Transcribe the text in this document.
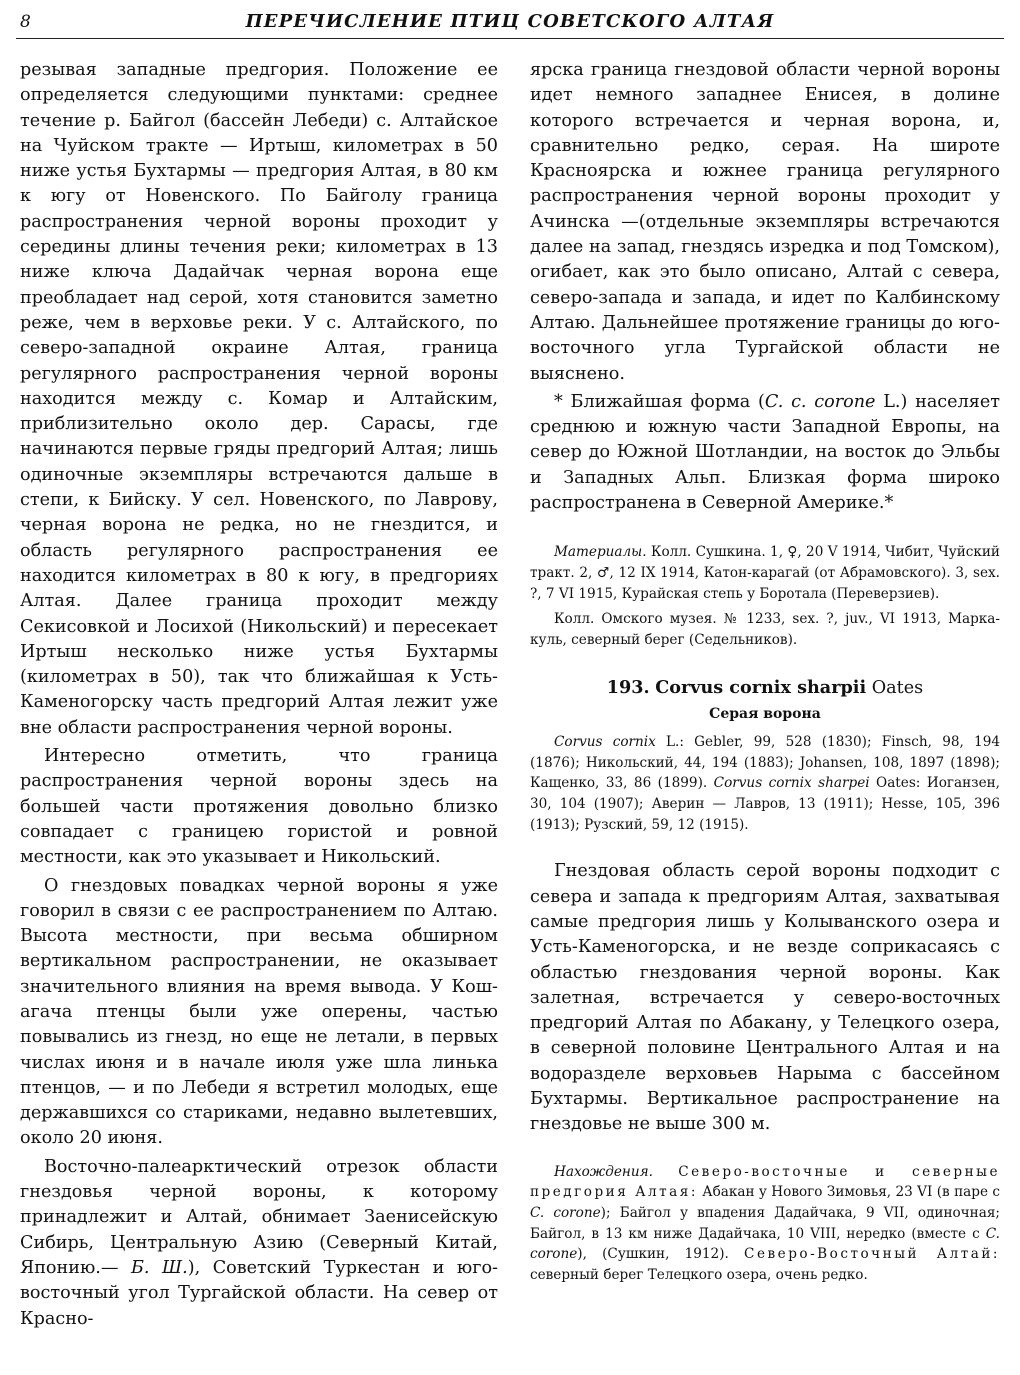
8	ПЕРЕЧИСЛЕНИЕ ПТИЦ СОВЕТСКОГО АЛТАЯ

резывая западные предгория. Положение ее определяется следующими пунктами: среднее течение р. Байгол (бассейн Лебеди) с. Алтайское на Чуйском тракте — Иртыш, километрах в 50 ниже устья Бухтармы — предгория Алтая, в 80 км к югу от Новенского. По Байголу граница распространения черной вороны проходит у середины длины течения реки; километрах в 13 ниже ключа Дадайчак черная ворона еще преобладает над серой, хотя становится заметно реже, чем в верховье реки. У с. Алтайского, по северо-западной окраине Алтая, граница регулярного распространения черной вороны находится между с. Комар и Алтайским, приблизительно около дер. Сарасы, где начинаются первые гряды предгорий Алтая; лишь одиночные экземпляры встречаются дальше в степи, к Бийску. У сел. Новенского, по Лаврову, черная ворона не редка, но не гнездится, и область регулярного распространения ее находится километрах в 80 к югу, в предгориях Алтая. Далее граница проходит между Секисовкой и Лосихой (Никольский) и пересекает Иртыш несколько ниже устья Бухтармы (километрах в 50), так что ближайшая к Усть-Каменогорску часть предгорий Алтая лежит уже вне области распространения черной вороны.

Интересно отметить, что граница распространения черной вороны здесь на большей части протяжения довольно близко совпадает с границею гористой и ровной местности, как это указывает и Никольский.

О гнездовых повадках черной вороны я уже говорил в связи с ее распространением по Алтаю. Высота местности, при весьма обширном вертикальном распространении, не оказывает значительного влияния на время вывода. У Кош-агача птенцы были уже оперены, частью повывались из гнезд, но еще не летали, в первых числах июня и в начале июля уже шла линька птенцов, — и по Лебеди я встретил молодых, еще державшихся со стариками, недавно вылетевших, около 20 июня.

Восточно-палеарктический отрезок области гнездовья черной вороны, к которому принадлежит и Алтай, обнимает Заенисейскую Сибирь, Центральную Азию (Северный Китай, Японию.— Б. Ш.), Советский Туркестан и юго-восточный угол Тургайской области. На север от Красно-

ярска граница гнездовой области черной вороны идет немного западнее Енисея, в долине которого встречается и черная ворона, и, сравнительно редко, серая. На широте Красноярска и южнее граница регулярного распространения черной вороны проходит у Ачинска —(отдельные экземпляры встречаются далее на запад, гнездясь изредка и под Томском), огибает, как это было описано, Алтай с севера, северо-запада и запада, и идет по Калбинскому Алтаю. Дальнейшее протяжение границы до юго-восточного угла Тургайской области не выяснено.

* Ближайшая форма (C. c. corone L.) населяет среднюю и южную части Западной Европы, на север до Южной Шотландии, на восток до Эльбы и Западных Альп. Близкая форма широко распространена в Северной Америке.*

Материалы. Колл. Сушкина. 1, ♀, 20 V 1914, Чибит, Чуйский тракт. 2, ♂, 12 IX 1914, Катон-карагай (от Абрамовского). 3, sex. ?, 7 VI 1915, Курайская степь у Боротала (Переверзиев).

Колл. Омского музея. № 1233, sex. ?, juv., VI 1913, Марка-куль, северный берег (Седельников).

193. Corvus cornix sharpii Oates
Серая ворона

Corvus cornix L.: Gebler, 99, 528 (1830); Finsch, 98, 194 (1876); Никольский, 44, 194 (1883); Johansen, 108, 1897 (1898); Кащенко, 33, 86 (1899). Corvus cornix sharpei Oates: Иоганзен, 30, 104 (1907); Аверин — Лавров, 13 (1911); Hesse, 105, 396 (1913); Рузский, 59, 12 (1915).

Гнездовая область серой вороны подходит с севера и запада к предгориям Алтая, захватывая самые предгория лишь у Колыванского озера и Усть-Каменогорска, и не везде соприкасаясь с областью гнездования черной вороны. Как залетная, встречается у северо-восточных предгорий Алтая по Абакану, у Телецкого озера, в северной половине Центрального Алтая и на водоразделе верховьев Нарыма с бассейном Бухтармы. Вертикальное распространение на гнездовье не выше 300 м.

Нахождения. Северо-восточные и северные предгория Алтая: Абакан у Нового Зимовья, 23 VI (в паре с C. corone); Байгол у впадения Дадайчака, 9 VII, одиночная; Байгол, в 13 км ниже Дадайчака, 10 VIII, нередко (вместе с C. corone), (Сушкин, 1912). Северо-Восточный Алтай: северный берег Телецкого озера, очень редко.
